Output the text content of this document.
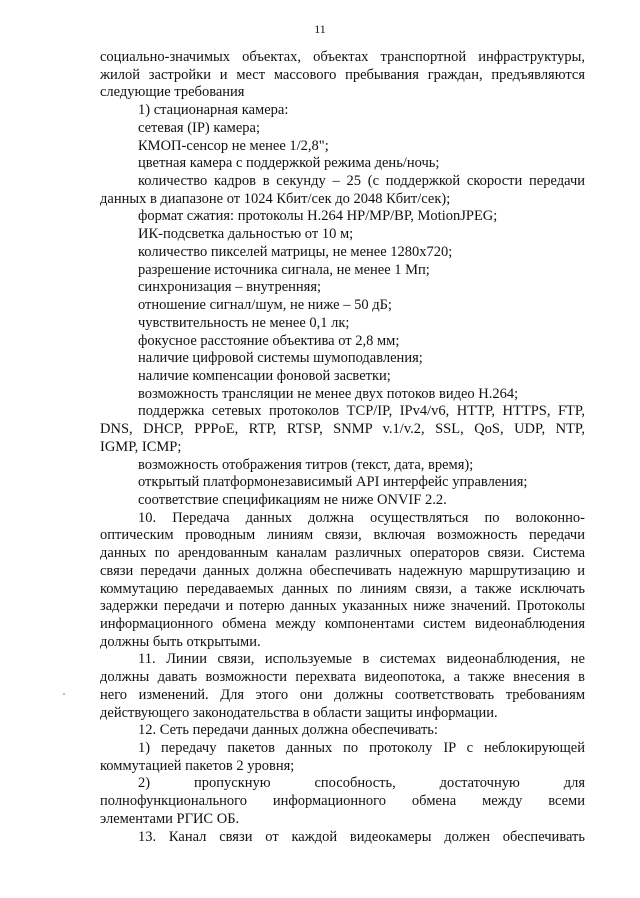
11
социально-значимых объектах, объектах транспортной инфраструктуры,
жилой застройки и мест массового пребывания граждан, предъявляются
следующие требования
1) стационарная камера:
сетевая (IP) камера;
КМОП-сенсор не менее 1/2,8";
цветная камера с поддержкой режима день/ночь;
количество кадров в секунду – 25 (с поддержкой скорости передачи
данных в диапазоне от 1024 Кбит/сек до 2048 Кбит/сек);
формат сжатия: протоколы H.264 HP/MP/BP, MotionJPEG;
ИК-подсветка дальностью от 10 м;
количество пикселей матрицы, не менее 1280x720;
разрешение источника сигнала, не менее 1 Мп;
синхронизация – внутренняя;
отношение сигнал/шум, не ниже – 50 дБ;
чувствительность не менее 0,1 лк;
фокусное расстояние объектива от 2,8 мм;
наличие цифровой системы шумоподавления;
наличие компенсации фоновой засветки;
возможность трансляции не менее двух потоков видео H.264;
поддержка сетевых протоколов TCP/IP, IPv4/v6, HTTP, HTTPS, FTP,
DNS, DHCP, PPPoE, RTP, RTSP, SNMP v.1/v.2, SSL, QoS, UDP, NTP,
IGMP, ICMP;
возможность отображения титров (текст, дата, время);
открытый платформонезависимый API интерфейс управления;
соответствие спецификациям не ниже ONVIF 2.2.
10. Передача данных должна осуществляться по волоконно-
оптическим проводным линиям связи, включая возможность передачи
данных по арендованным каналам различных операторов связи. Система
связи передачи данных должна обеспечивать надежную маршрутизацию и
коммутацию передаваемых данных по линиям связи, а также исключать
задержки передачи и потерю данных указанных ниже значений. Протоколы
информационного обмена между компонентами систем видеонаблюдения
должны быть открытыми.
11. Линии связи, используемые в системах видеонаблюдения, не
должны давать возможности перехвата видеопотока, а также внесения в
него изменений. Для этого они должны соответствовать требованиям
действующего законодательства в области защиты информации.
12. Сеть передачи данных должна обеспечивать:
1) передачу пакетов данных по протоколу IP с неблокирующей
коммутацией пакетов 2 уровня;
2) пропускную способность, достаточную для
полнофункционального информационного обмена между всеми
элементами РГИС ОБ.
13. Канал связи от каждой видеокамеры должен обеспечивать
